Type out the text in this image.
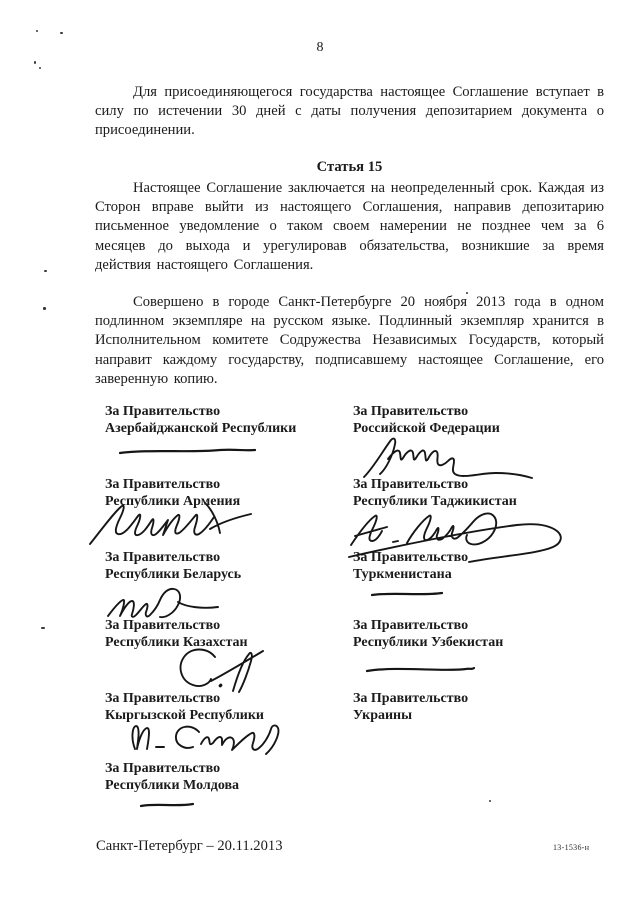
8

Для присоединяющегося государства настоящее Соглашение вступает в силу по истечении 30 дней с даты получения депозитарием документа о присоединении.

Статья 15

Настоящее Соглашение заключается на неопределенный срок. Каждая из Сторон вправе выйти из настоящего Соглашения, направив депозитарию письменное уведомление о таком своем намерении не позднее чем за 6 месяцев до выхода и урегулировав обязательства, возникшие за время действия настоящего Соглашения.

Совершено в городе Санкт-Петербурге 20 ноября 2013 года в одном подлинном экземпляре на русском языке. Подлинный экземпляр хранится в Исполнительном комитете Содружества Независимых Государств, который направит каждому государству, подписавшему настоящее Соглашение, его заверенную копию.

За Правительство
Азербайджанской Республики
За Правительство
Республики Армения
За Правительство
Республики Беларусь
За Правительство
Республики Казахстан
За Правительство
Кыргызской Республики
За Правительство
Республики Молдова
За Правительство
Российской Федерации
За Правительство
Республики Таджикистан
За Правительство
Туркменистана
За Правительство
Республики Узбекистан
За Правительство
Украины
Санкт-Петербург – 20.11.2013	13-1536-н
